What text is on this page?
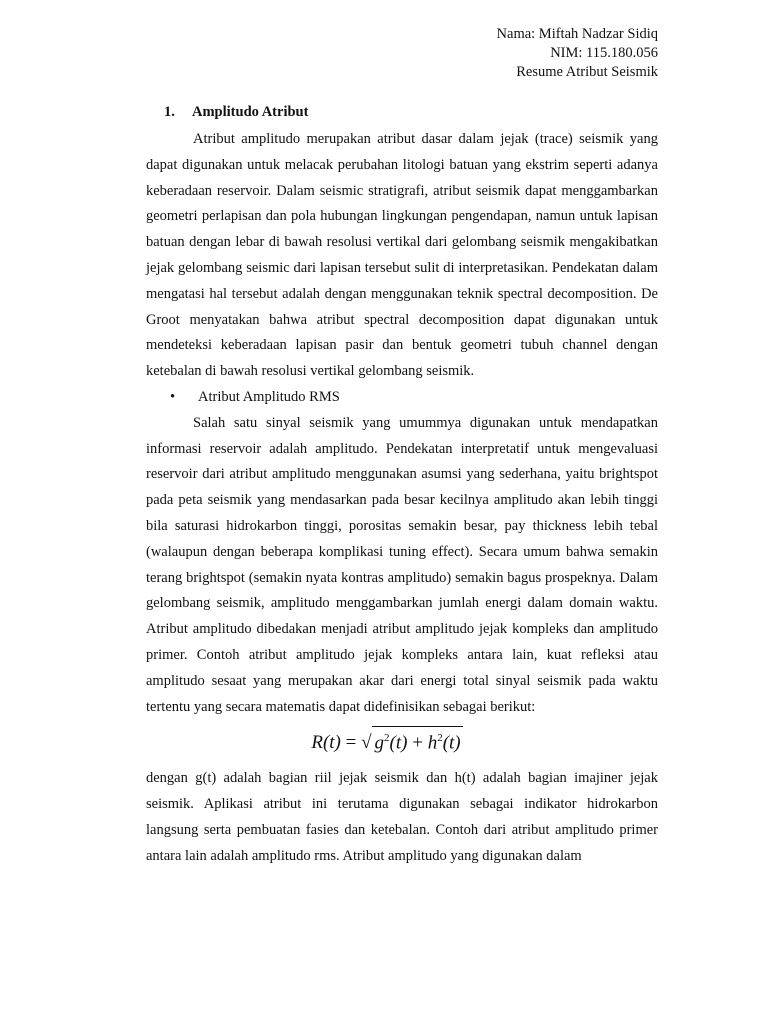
Nama: Miftah Nadzar Sidiq
NIM: 115.180.056
Resume Atribut Seismik
1. Amplitudo Atribut

Atribut amplitudo merupakan atribut dasar dalam jejak (trace) seismik yang dapat digunakan untuk melacak perubahan litologi batuan yang ekstrim seperti adanya keberadaan reservoir. Dalam seismic stratigrafi, atribut seismik dapat menggambarkan geometri perlapisan dan pola hubungan lingkungan pengendapan, namun untuk lapisan batuan dengan lebar di bawah resolusi vertikal dari gelombang seismik mengakibatkan jejak gelombang seismic dari lapisan tersebut sulit di interpretasikan. Pendekatan dalam mengatasi hal tersebut adalah dengan menggunakan teknik spectral decomposition. De Groot menyatakan bahwa atribut spectral decomposition dapat digunakan untuk mendeteksi keberadaan lapisan pasir dan bentuk geometri tubuh channel dengan ketebalan di bawah resolusi vertikal gelombang seismik.

• Atribut Amplitudo RMS

Salah satu sinyal seismik yang umummya digunakan untuk mendapatkan informasi reservoir adalah amplitudo. Pendekatan interpretatif untuk mengevaluasi reservoir dari atribut amplitudo menggunakan asumsi yang sederhana, yaitu brightspot pada peta seismik yang mendasarkan pada besar kecilnya amplitudo akan lebih tinggi bila saturasi hidrokarbon tinggi, porositas semakin besar, pay thickness lebih tebal (walaupun dengan beberapa komplikasi tuning effect). Secara umum bahwa semakin terang brightspot (semakin nyata kontras amplitudo) semakin bagus prospeknya. Dalam gelombang seismik, amplitudo menggambarkan jumlah energi dalam domain waktu. Atribut amplitudo dibedakan menjadi atribut amplitudo jejak kompleks dan amplitudo primer. Contoh atribut amplitudo jejak kompleks antara lain, kuat refleksi atau amplitudo sesaat yang merupakan akar dari energi total sinyal seismik pada waktu tertentu yang secara matematis dapat didefinisikan sebagai berikut:

R(t) = √ $g^2(t) + h^2(t)$

dengan g(t) adalah bagian riil jejak seismik dan h(t) adalah bagian imajiner jejak seismik. Aplikasi atribut ini terutama digunakan sebagai indikator hidrokarbon langsung serta pembuatan fasies dan ketebalan. Contoh dari atribut amplitudo primer antara lain adalah amplitudo rms. Atribut amplitudo yang digunakan dalam
